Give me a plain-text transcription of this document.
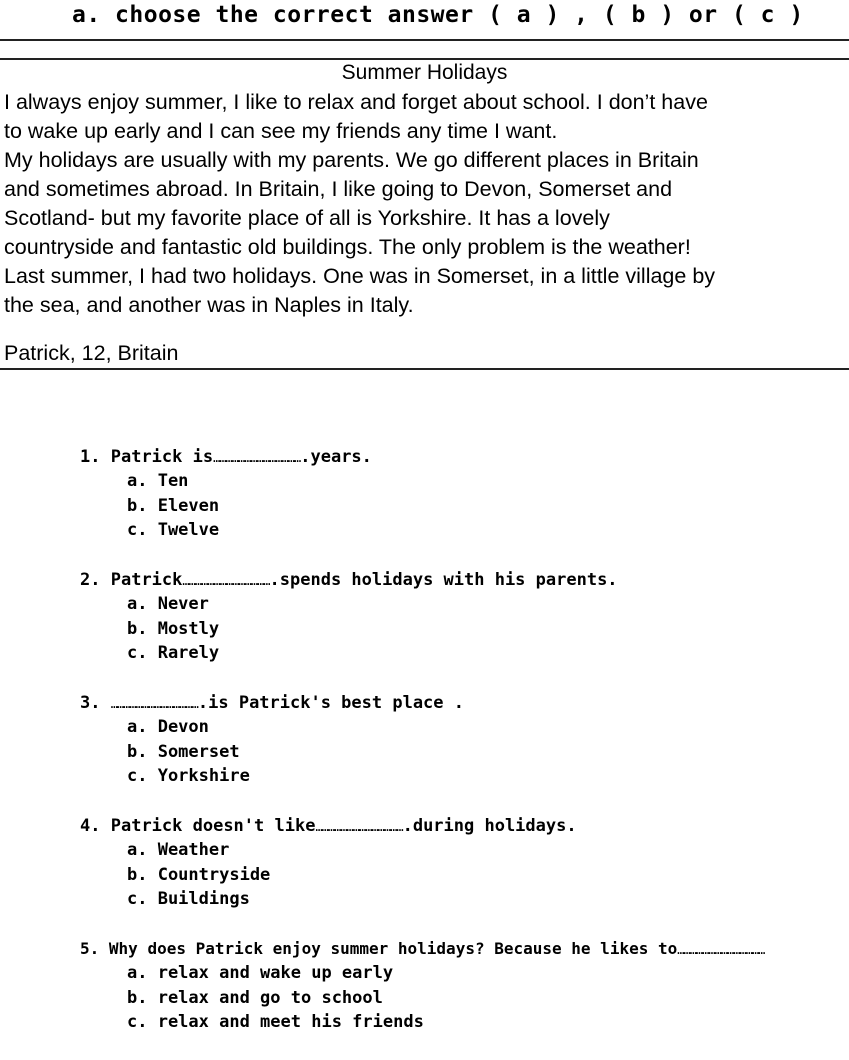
a. choose the correct answer ( a ) , ( b ) or ( c )
Summer Holidays

I always enjoy summer, I like to relax and forget about school. I don’t have

to wake up early and I can see my friends any time I want.

My holidays are usually with my parents. We go different places in Britain

and sometimes abroad. In Britain, I like going to Devon, Somerset and

Scotland- but my favorite place of all is Yorkshire. It has a lovely

countryside and fantastic old buildings. The only problem is the weather!

Last summer, I had two holidays. One was in Somerset, in a little village by

the sea, and another was in Naples in Italy.

Patrick, 12, Britain
1. Patrick is…………………………………….years.
a. Ten
b. Eleven
c. Twelve
2. Patrick…………………………………….spends holidays with his parents.
a. Never
b. Mostly
c. Rarely
3. …………………………………….is Patrick's best place .
a. Devon
b. Somerset
c. Yorkshire
4. Patrick doesn't like…………………………………….during holidays.
a. Weather
b. Countryside
c. Buildings
5. Why does Patrick enjoy summer holidays? Because he likes to……………………………………
a. relax and wake up early
b. relax and go to school
c. relax and meet his friends
